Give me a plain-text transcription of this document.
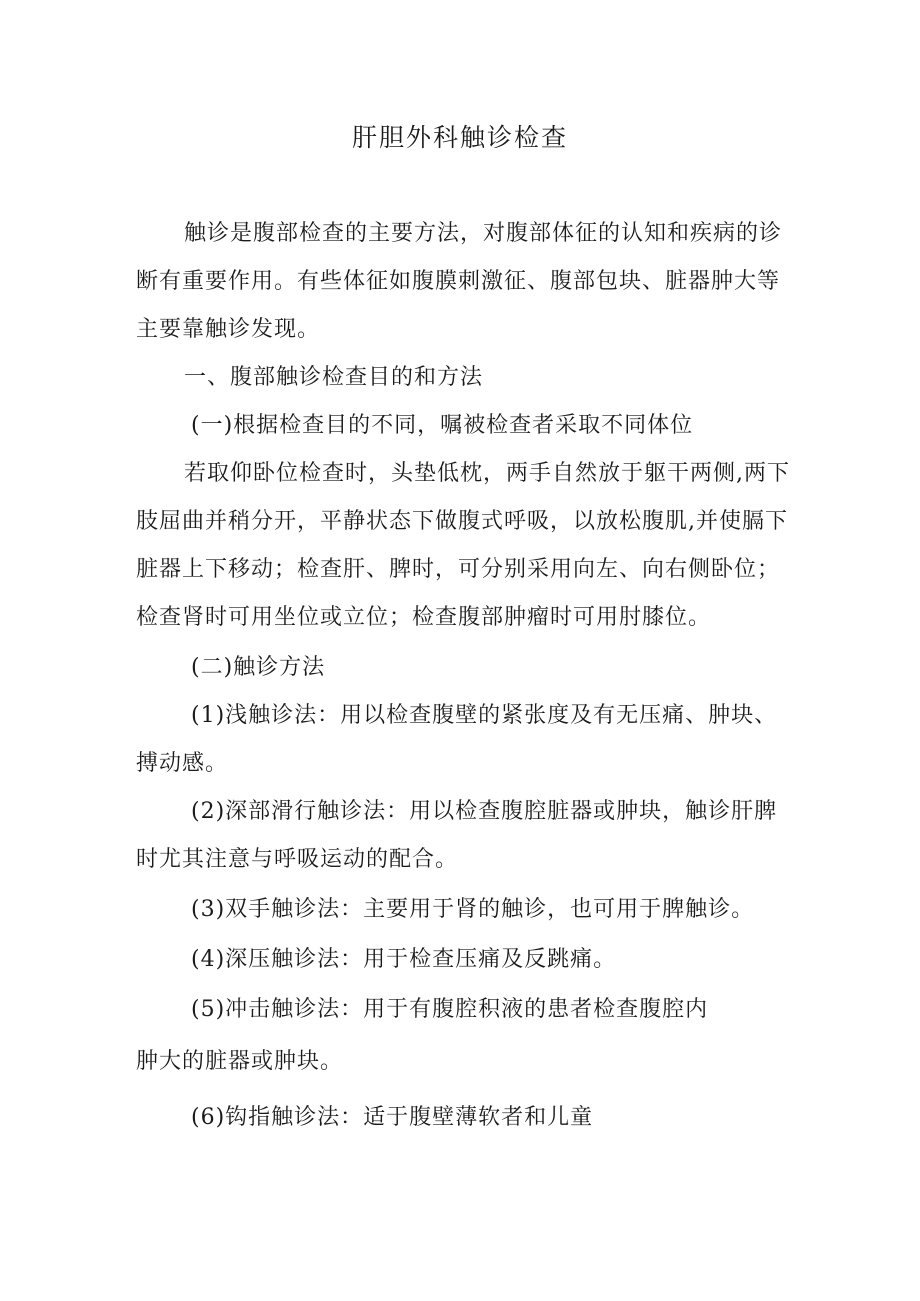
肝胆外科触诊检查
触诊是腹部检查的主要方法，对腹部体征的认知和疾病的诊
断有重要作用。有些体征如腹膜刺激征、腹部包块、脏器肿大等
主要靠触诊发现。
一、腹部触诊检查目的和方法
(一)根据检查目的不同，嘱被检查者采取不同体位
若取仰卧位检查时，头垫低枕，两手自然放于躯干两侧,两下
肢屈曲并稍分开，平静状态下做腹式呼吸，以放松腹肌,并使膈下
脏器上下移动；检查肝、脾时，可分别采用向左、向右侧卧位；
检查肾时可用坐位或立位；检查腹部肿瘤时可用肘膝位。
(二)触诊方法
(1)浅触诊法：用以检查腹壁的紧张度及有无压痛、肿块、
搏动感。
(2)深部滑行触诊法：用以检查腹腔脏器或肿块，触诊肝脾
时尤其注意与呼吸运动的配合。
(3)双手触诊法：主要用于肾的触诊，也可用于脾触诊。
(4)深压触诊法：用于检查压痛及反跳痛。
(5)冲击触诊法：用于有腹腔积液的患者检查腹腔内
肿大的脏器或肿块。
(6)钩指触诊法：适于腹壁薄软者和儿童
